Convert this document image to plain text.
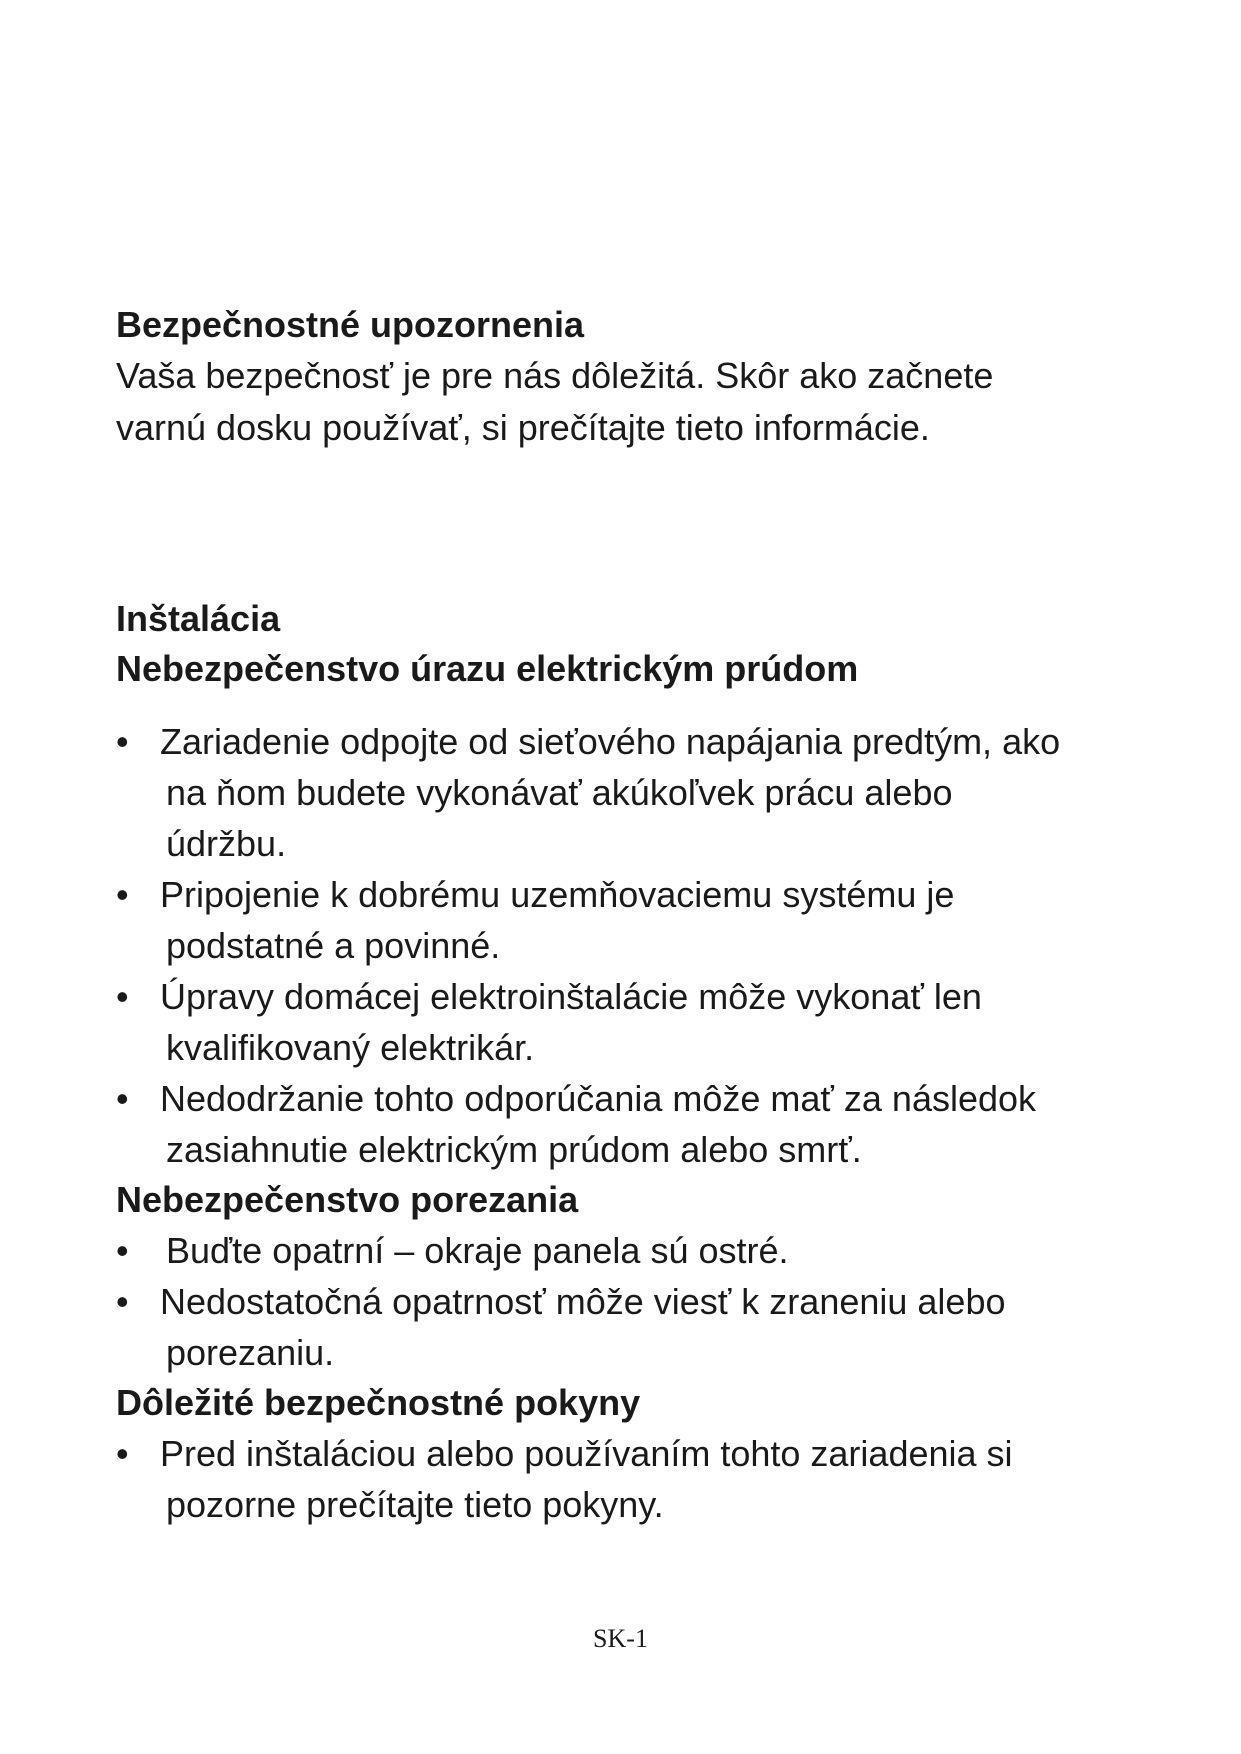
Bezpečnostné upozornenia

Vaša bezpečnosť je pre nás dôležitá. Skôr ako začnete

varnú dosku používať, si prečítajte tieto informácie.

Inštalácia
Nebezpečenstvo úrazu elektrickým prúdom
• Zariadenie odpojte od sieťového napájania predtým, ako
na ňom budete vykonávať akúkoľvek prácu alebo
údržbu.
• Pripojenie k dobrému uzemňovaciemu systému je
podstatné a povinné.
• Úpravy domácej elektroinštalácie môže vykonať len
kvalifikovaný elektrikár.
• Nedodržanie tohto odporúčania môže mať za následok
zasiahnutie elektrickým prúdom alebo smrť.
Nebezpečenstvo porezania
•	Buďte opatrní – okraje panela sú ostré.
• Nedostatočná opatrnosť môže viesť k zraneniu alebo
porezaniu.
Dôležité bezpečnostné pokyny
• Pred inštaláciou alebo používaním tohto zariadenia si
pozorne prečítajte tieto pokyny.
SK-1
